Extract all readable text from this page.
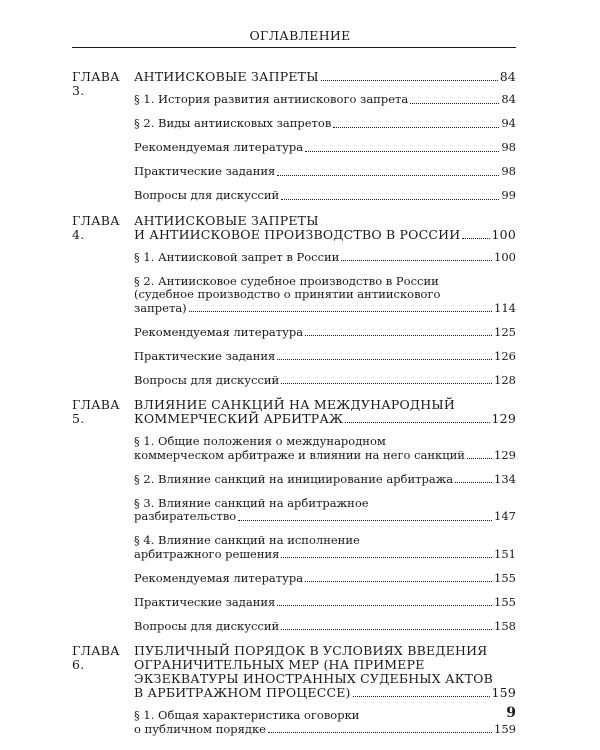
ОГЛАВЛЕНИЕ
ГЛАВА 3.
АНТИИСКОВЫЕ ЗАПРЕТЫ	84
§ 1. История развития антиискового запрета	84
§ 2. Виды антиисковых запретов	94
Рекомендуемая литература	98
Практические задания	98
Вопросы для дискуссий	99
ГЛАВА 4.
АНТИИСКОВЫЕ ЗАПРЕТЫ
И АНТИИСКОВОЕ ПРОИЗВОДСТВО В РОССИИ 100
§ 1. Антиисковой запрет в России	100
§ 2. Антиисковое судебное производство в России
(судебное производство о принятии антиискового
запрета)	114
Рекомендуемая литература	125
Практические задания	126
Вопросы для дискуссий	128
ГЛАВА 5.
ВЛИЯНИЕ САНКЦИЙ НА МЕЖДУНАРОДНЫЙ
КОММЕРЧЕСКИЙ АРБИТРАЖ	129
§ 1. Общие положения о международном
коммерческом арбитраже и влиянии на него санкций	129
§ 2. Влияние санкций на инициирование арбитража	134
§ 3. Влияние санкций на арбитражное
разбирательство	147
§ 4. Влияние санкций на исполнение
арбитражного решения	151
Рекомендуемая литература	155
Практические задания	155
Вопросы для дискуссий	158
ГЛАВА 6.
ПУБЛИЧНЫЙ ПОРЯДОК В УСЛОВИЯХ ВВЕДЕНИЯ
ОГРАНИЧИТЕЛЬНЫХ МЕР (НА ПРИМЕРЕ
ЭКЗЕКВАТУРЫ ИНОСТРАННЫХ СУДЕБНЫХ АКТОВ
В АРБИТРАЖНОМ ПРОЦЕССЕ)	159
§ 1. Общая характеристика оговорки
о публичном порядке	159
9
